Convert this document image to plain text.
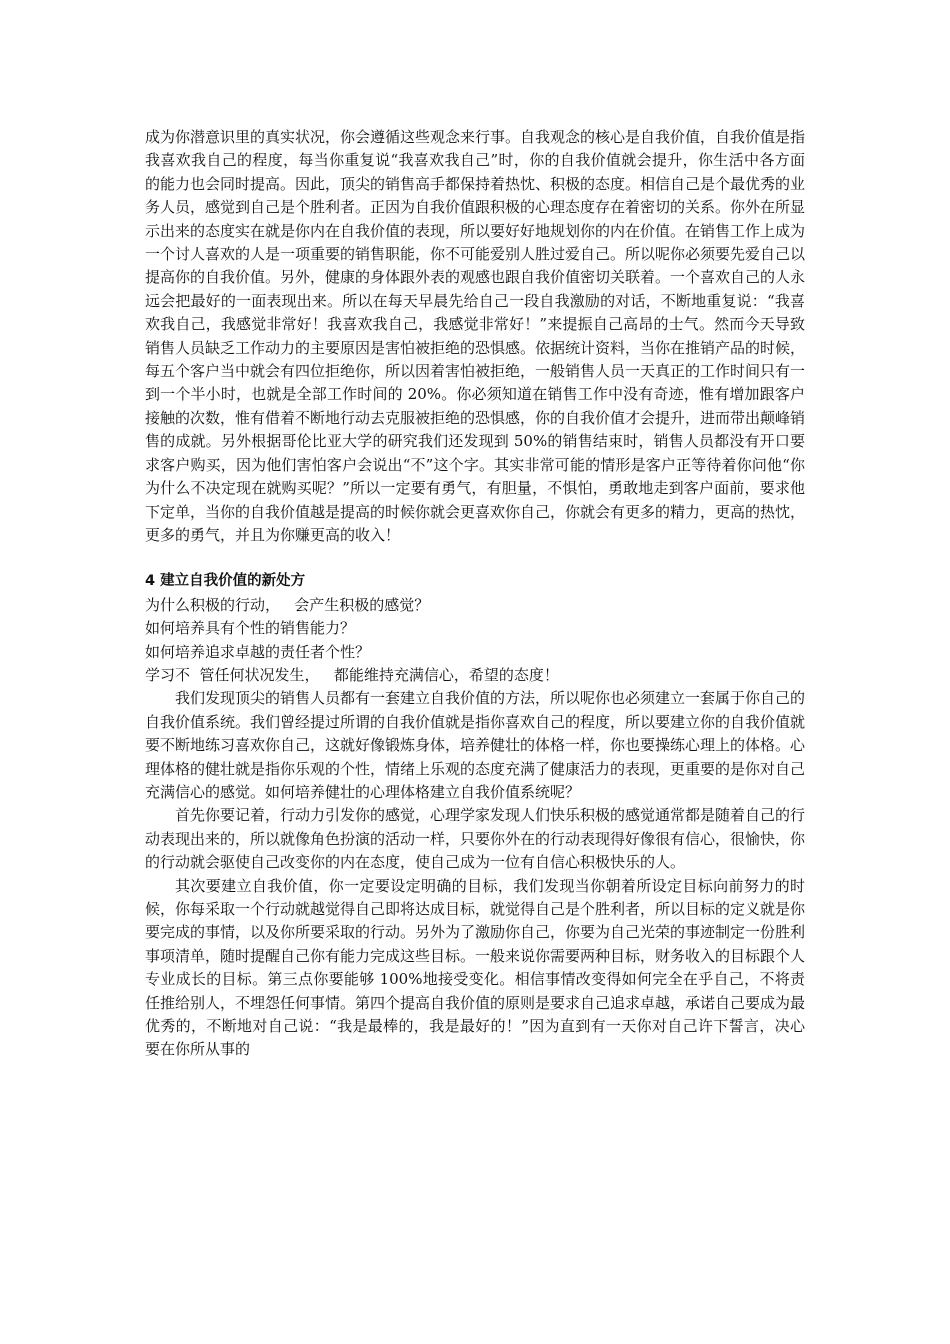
成为你潜意识里的真实状况，你会遵循这些观念来行事。自我观念的核心是自我价值，自我价值是指我喜欢我自己的程度，每当你重复说“我喜欢我自己”时，你的自我价值就会提升，你生活中各方面的能力也会同时提高。因此，顶尖的销售高手都保持着热忱、积极的态度。相信自己是个最优秀的业务人员，感觉到自己是个胜利者。正因为自我价值跟积极的心理态度存在着密切的关系。你外在所显示出来的态度实在就是你内在自我价值的表现，所以要好好地规划你的内在价值。在销售工作上成为一个讨人喜欢的人是一项重要的销售职能，你不可能爱别人胜过爱自己。所以呢你必须要先爱自己以提高你的自我价值。另外，健康的身体跟外表的观感也跟自我价值密切关联着。一个喜欢自己的人永远会把最好的一面表现出来。所以在每天早晨先给自己一段自我激励的对话，不断地重复说：“我喜欢我自己，我感觉非常好！我喜欢我自己，我感觉非常好！”来提振自己高昂的士气。然而今天导致销售人员缺乏工作动力的主要原因是害怕被拒绝的恐惧感。依据统计资料，当你在推销产品的时候，每五个客户当中就会有四位拒绝你，所以因着害怕被拒绝，一般销售人员一天真正的工作时间只有一到一个半小时，也就是全部工作时间的 20%。你必须知道在销售工作中没有奇迹，惟有增加跟客户接触的次数，惟有借着不断地行动去克服被拒绝的恐惧感，你的自我价值才会提升，进而带出颠峰销售的成就。另外根据哥伦比亚大学的研究我们还发现到 50%的销售结束时，销售人员都没有开口要求客户购买，因为他们害怕客户会说出“不”这个字。其实非常可能的情形是客户正等待着你问他“你为什么不决定现在就购买呢？”所以一定要有勇气，有胆量，不惧怕，勇敢地走到客户面前，要求他下定单，当你的自我价值越是提高的时候你就会更喜欢你自己，你就会有更多的精力，更高的热忱，更多的勇气，并且为你赚更高的收入！

4 建立自我价值的新处方

为什么积极的行动，   会产生积极的感觉？

如何培养具有个性的销售能力？

如何培养追求卓越的责任者个性？

学习不  管任何状况发生，   都能维持充满信心，希望的态度！

我们发现顶尖的销售人员都有一套建立自我价值的方法，所以呢你也必须建立一套属于你自己的自我价值系统。我们曾经提过所谓的自我价值就是指你喜欢自己的程度，所以要建立你的自我价值就要不断地练习喜欢你自己，这就好像锻炼身体，培养健壮的体格一样，你也要操练心理上的体格。心理体格的健壮就是指你乐观的个性，情绪上乐观的态度充满了健康活力的表现，更重要的是你对自己充满信心的感觉。如何培养健壮的心理体格建立自我价值系统呢？

首先你要记着，行动力引发你的感觉，心理学家发现人们快乐积极的感觉通常都是随着自己的行动表现出来的，所以就像角色扮演的活动一样，只要你外在的行动表现得好像很有信心，很愉快，你的行动就会驱使自己改变你的内在态度，使自己成为一位有自信心积极快乐的人。

其次要建立自我价值，你一定要设定明确的目标，我们发现当你朝着所设定目标向前努力的时候，你每采取一个行动就越觉得自己即将达成目标，就觉得自己是个胜利者，所以目标的定义就是你要完成的事情，以及你所要采取的行动。另外为了激励你自己，你要为自己光荣的事迹制定一份胜利事项清单，随时提醒自己你有能力完成这些目标。一般来说你需要两种目标，财务收入的目标跟个人专业成长的目标。第三点你要能够 100%地接受变化。相信事情改变得如何完全在乎自己，不将责任推给别人，不埋怨任何事情。第四个提高自我价值的原则是要求自己追求卓越，承诺自己要成为最优秀的，不断地对自己说：“我是最棒的，我是最好的！”因为直到有一天你对自己许下誓言，决心要在你所从事的
